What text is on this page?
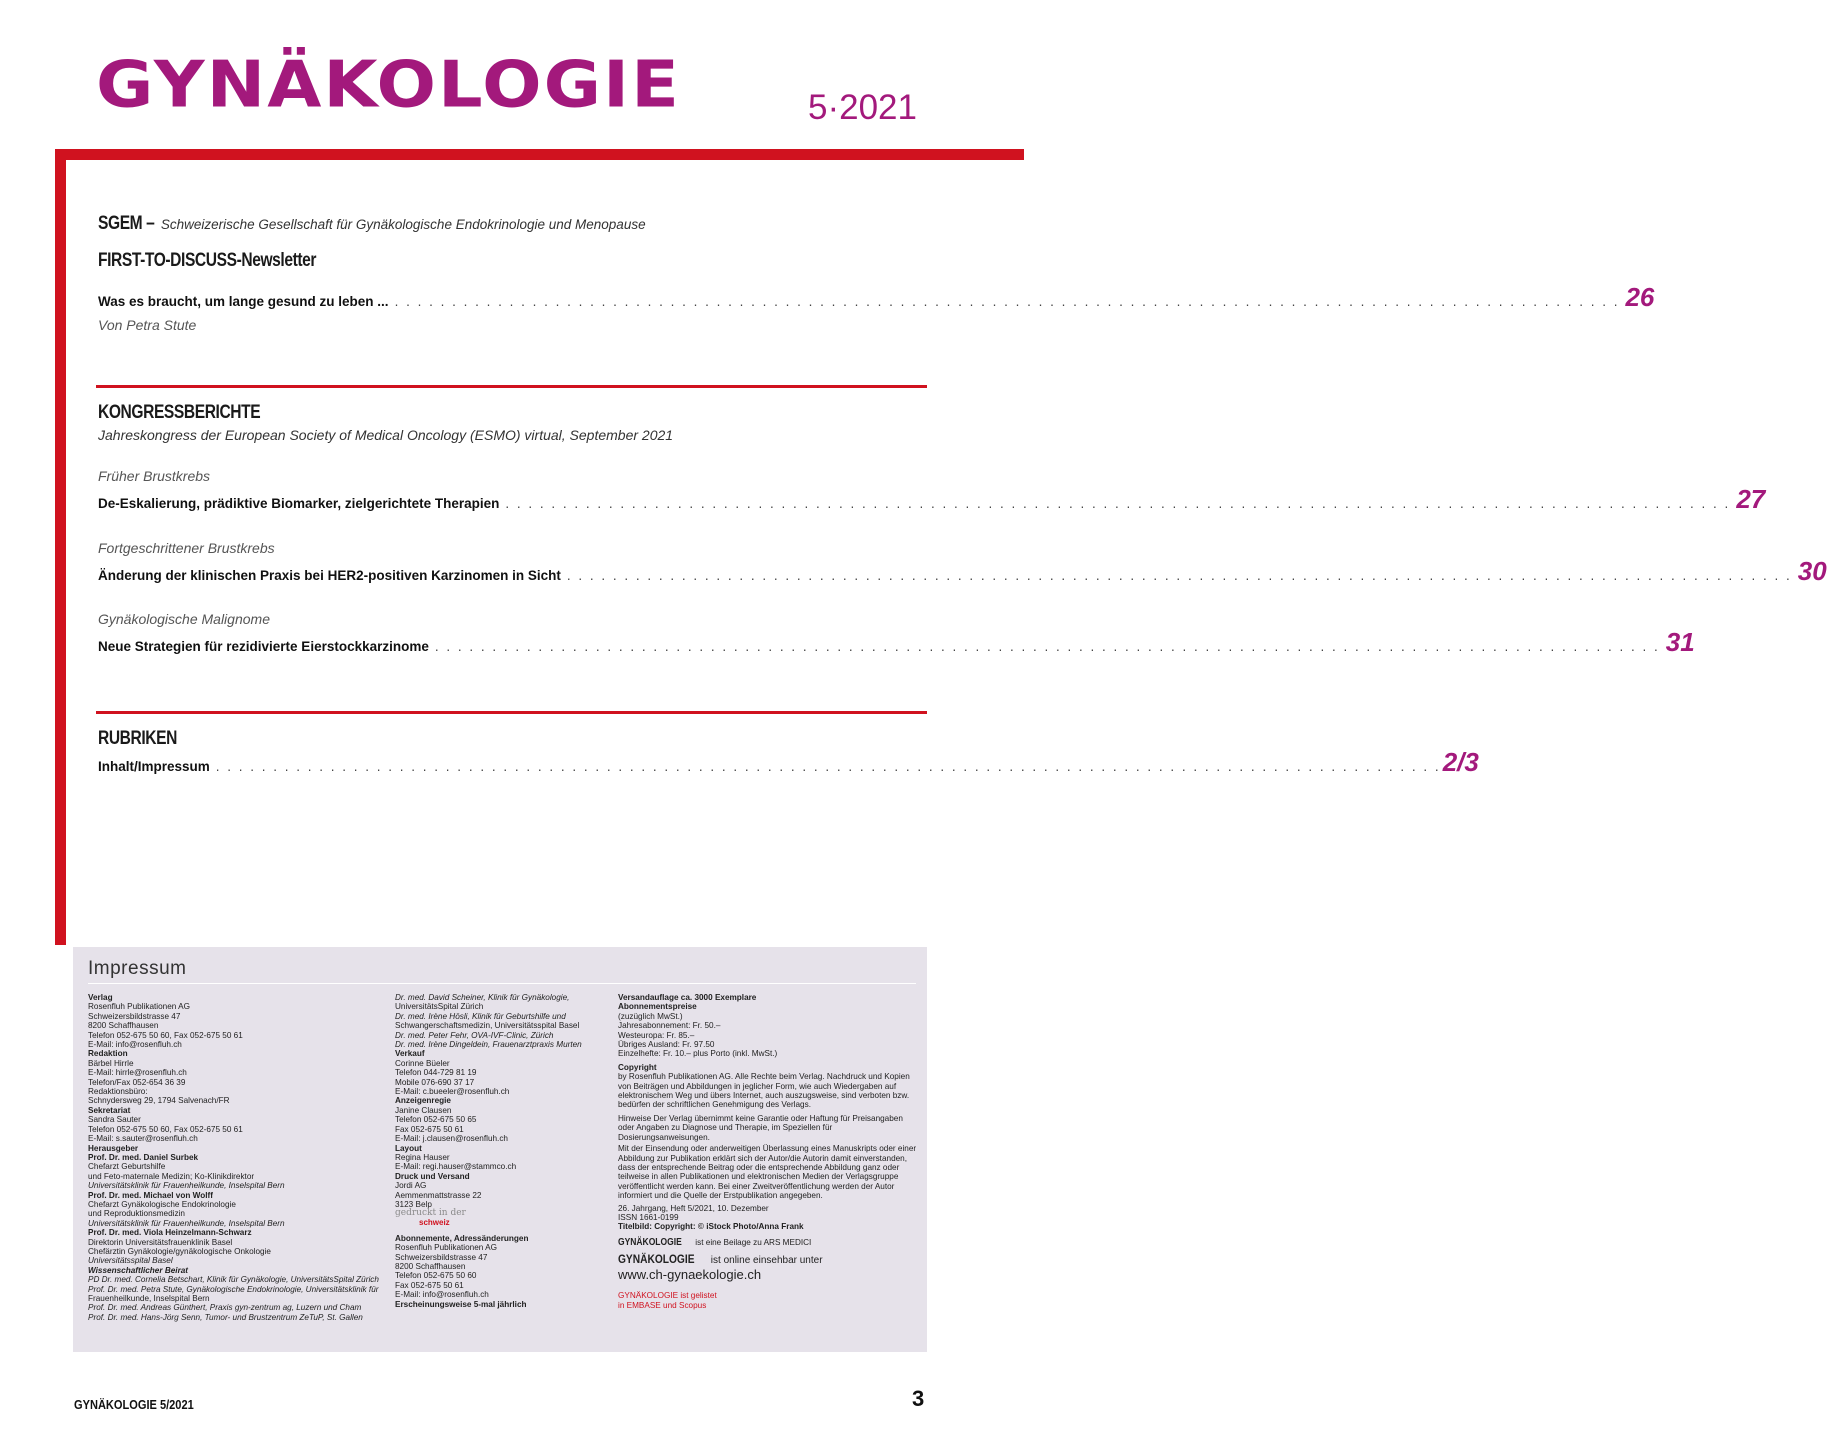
GYNÄKOLOGIE	5·2021
SGEM – Schweizerische Gesellschaft für Gynäkologische Endokrinologie und Menopause
FIRST-TO-DISCUSS-Newsletter
Was es braucht, um lange gesund zu leben ... . . . . . . . . . . . . . . . . . . . . . . . . . . . . . . . . . . . . . . . . . . . . . . . . . . . . . . . . . . . . . . . . . . . . . . . . . . . . . . . . . . . . . . . . . . . . . . . . . . . . . . . . . . . 26
Von Petra Stute
KONGRESSBERICHTE
Jahreskongress der European Society of Medical Oncology (ESMO) virtual, September 2021
Früher Brustkrebs
De-Eskalierung, prädiktive Biomarker, zielgerichtete Therapien . . . . . . . . . . . . . . . . . . . . . . . . . . . . . . . . . . . . . . . . . . . . . . . . . . . . . . . . . . . . . . . . . . . . . . . . . . . . . . . . . . . . . . . . . . . . . . . . . . . . . . . . . . . 27
Fortgeschrittener Brustkrebs
Änderung der klinischen Praxis bei HER2-positiven Karzinomen in Sicht . . . . . . . . . . . . . . . . . . . . . . . . . . . . . . . . . . . . . . . . . . . . . . . . . . . . . . . . . . . . . . . . . . . . . . . . . . . . . . . . . . . . . . . . . . . . . . . . . . . . . . . . . . . 30
Gynäkologische Malignome
Neue Strategien für rezidivierte Eierstockkarzinome . . . . . . . . . . . . . . . . . . . . . . . . . . . . . . . . . . . . . . . . . . . . . . . . . . . . . . . . . . . . . . . . . . . . . . . . . . . . . . . . . . . . . . . . . . . . . . . . . . . . . . . . . . . 31
RUBRIKEN
Inhalt/Impressum . . . . . . . . . . . . . . . . . . . . . . . . . . . . . . . . . . . . . . . . . . . . . . . . . . . . . . . . . . . . . . . . . . . . . . . . . . . . . . . . . . . . . . . . . . . . . . . . . . . . . . . . . . . 2/3
Impressum
Verlag
Rosenfluh Publikationen AG
Schweizersbildstrasse 47
8200 Schaffhausen
Telefon 052-675 50 60, Fax 052-675 50 61
E-Mail: info@rosenfluh.ch
Redaktion
Bärbel Hirrle
E-Mail: hirrle@rosenfluh.ch
Telefon/Fax 052-654 36 39
Redaktionsbüro:
Schnydersweg 29, 1794 Salvenach/FR
Sekretariat
Sandra Sauter
Telefon 052-675 50 60, Fax 052-675 50 61
E-Mail: s.sauter@rosenfluh.ch
Herausgeber
Prof. Dr. med. Daniel Surbek
Chefarzt Geburtshilfe
und Feto-maternale Medizin; Ko-Klinikdirektor
Universitätsklinik für Frauenheilkunde, Inselspital Bern
Prof. Dr. med. Michael von Wolff
Chefarzt Gynäkologische Endokrinologie
und Reproduktionsmedizin
Universitätsklinik für Frauenheilkunde, Inselspital Bern
Prof. Dr. med. Viola Heinzelmann-Schwarz
Direktorin Universitätsfrauenklinik Basel
Chefärztin Gynäkologie/gynäkologische Onkologie
Universitätsspital Basel
Wissenschaftlicher Beirat
PD Dr. med. Cornelia Betschart, Klinik für Gynäkologie, UniversitätsSpital Zürich
Prof. Dr. med. Petra Stute, Gynäkologische Endokrinologie, Universitätsklinik für
Frauenheilkunde, Inselspital Bern
Prof. Dr. med. Andreas Günthert, Praxis gyn-zentrum ag, Luzern und Cham
Prof. Dr. med. Hans-Jörg Senn, Tumor- und Brustzentrum ZeTuP, St. Gallen
Dr. med. David Scheiner, Klinik für Gynäkologie,
UniversitätsSpital Zürich
Dr. med. Irène Hösli, Klinik für Geburtshilfe und
Schwangerschaftsmedizin, Universitätsspital Basel
Dr. med. Peter Fehr, OVA-IVF-Clinic, Zürich
Dr. med. Irène Dingeldein, Frauenarztpraxis Murten
Verkauf
Corinne Büeler
Telefon 044-729 81 19
Mobile 076-690 37 17
E-Mail: c.bueeler@rosenfluh.ch
Anzeigenregie
Janine Clausen
Telefon 052-675 50 65
Fax 052-675 50 61
E-Mail: j.clausen@rosenfluh.ch
Layout
Regina Hauser
E-Mail: regi.hauser@stammco.ch
Druck und Versand
Jordi AG
Aemmenmattstrasse 22
3123 Belp
gedruckt in der
schweiz
Abonnemente, Adressänderungen
Rosenfluh Publikationen AG
Schweizersbildstrasse 47
8200 Schaffhausen
Telefon 052-675 50 60
Fax 052-675 50 61
E-Mail: info@rosenfluh.ch
Erscheinungsweise 5-mal jährlich
Versandauflage ca. 3000 Exemplare
Abonnementspreise
(zuzüglich MwSt.)
Jahresabonnement: Fr. 50.–
Westeuropa: Fr. 85.–
Übriges Ausland: Fr. 97.50
Einzelhefte: Fr. 10.– plus Porto (inkl. MwSt.)
Copyright
by Rosenfluh Publikationen AG. Alle Rechte beim Verlag. Nachdruck und Kopien
von Beiträgen und Abbildungen in jeglicher Form, wie auch Wiedergaben auf
elektronischem Weg und übers Internet, auch auszugsweise, sind verboten bzw.
bedürfen der schriftlichen Genehmigung des Verlags.
Hinweise Der Verlag übernimmt keine Garantie oder Haftung für Preisangaben
oder Angaben zu Diagnose und Therapie, im Speziellen für Dosierungsanweisungen.
Mit der Einsendung oder anderweitigen Überlassung eines Manuskripts oder einer
Abbildung zur Publikation erklärt sich der Autor/die Autorin damit einverstanden,
dass der entsprechende Beitrag oder die entsprechende Abbildung ganz oder
teilweise in allen Publikationen und elektronischen Medien der Verlagsgruppe
veröffentlicht werden kann. Bei einer Zweitveröffentlichung werden der Autor
informiert und die Quelle der Erstpublikation angegeben.
26. Jahrgang, Heft 5/2021, 10. Dezember
ISSN 1661-0199
Titelbild: Copyright: © iStock Photo/Anna Frank
GYNÄKOLOGIE ist eine Beilage zu ARS MEDICI
GYNÄKOLOGIE ist online einsehbar unter
www.ch-gynaekologie.ch
GYNÄKOLOGIE ist gelistet
in EMBASE und Scopus
GYNÄKOLOGIE 5/2021	3
